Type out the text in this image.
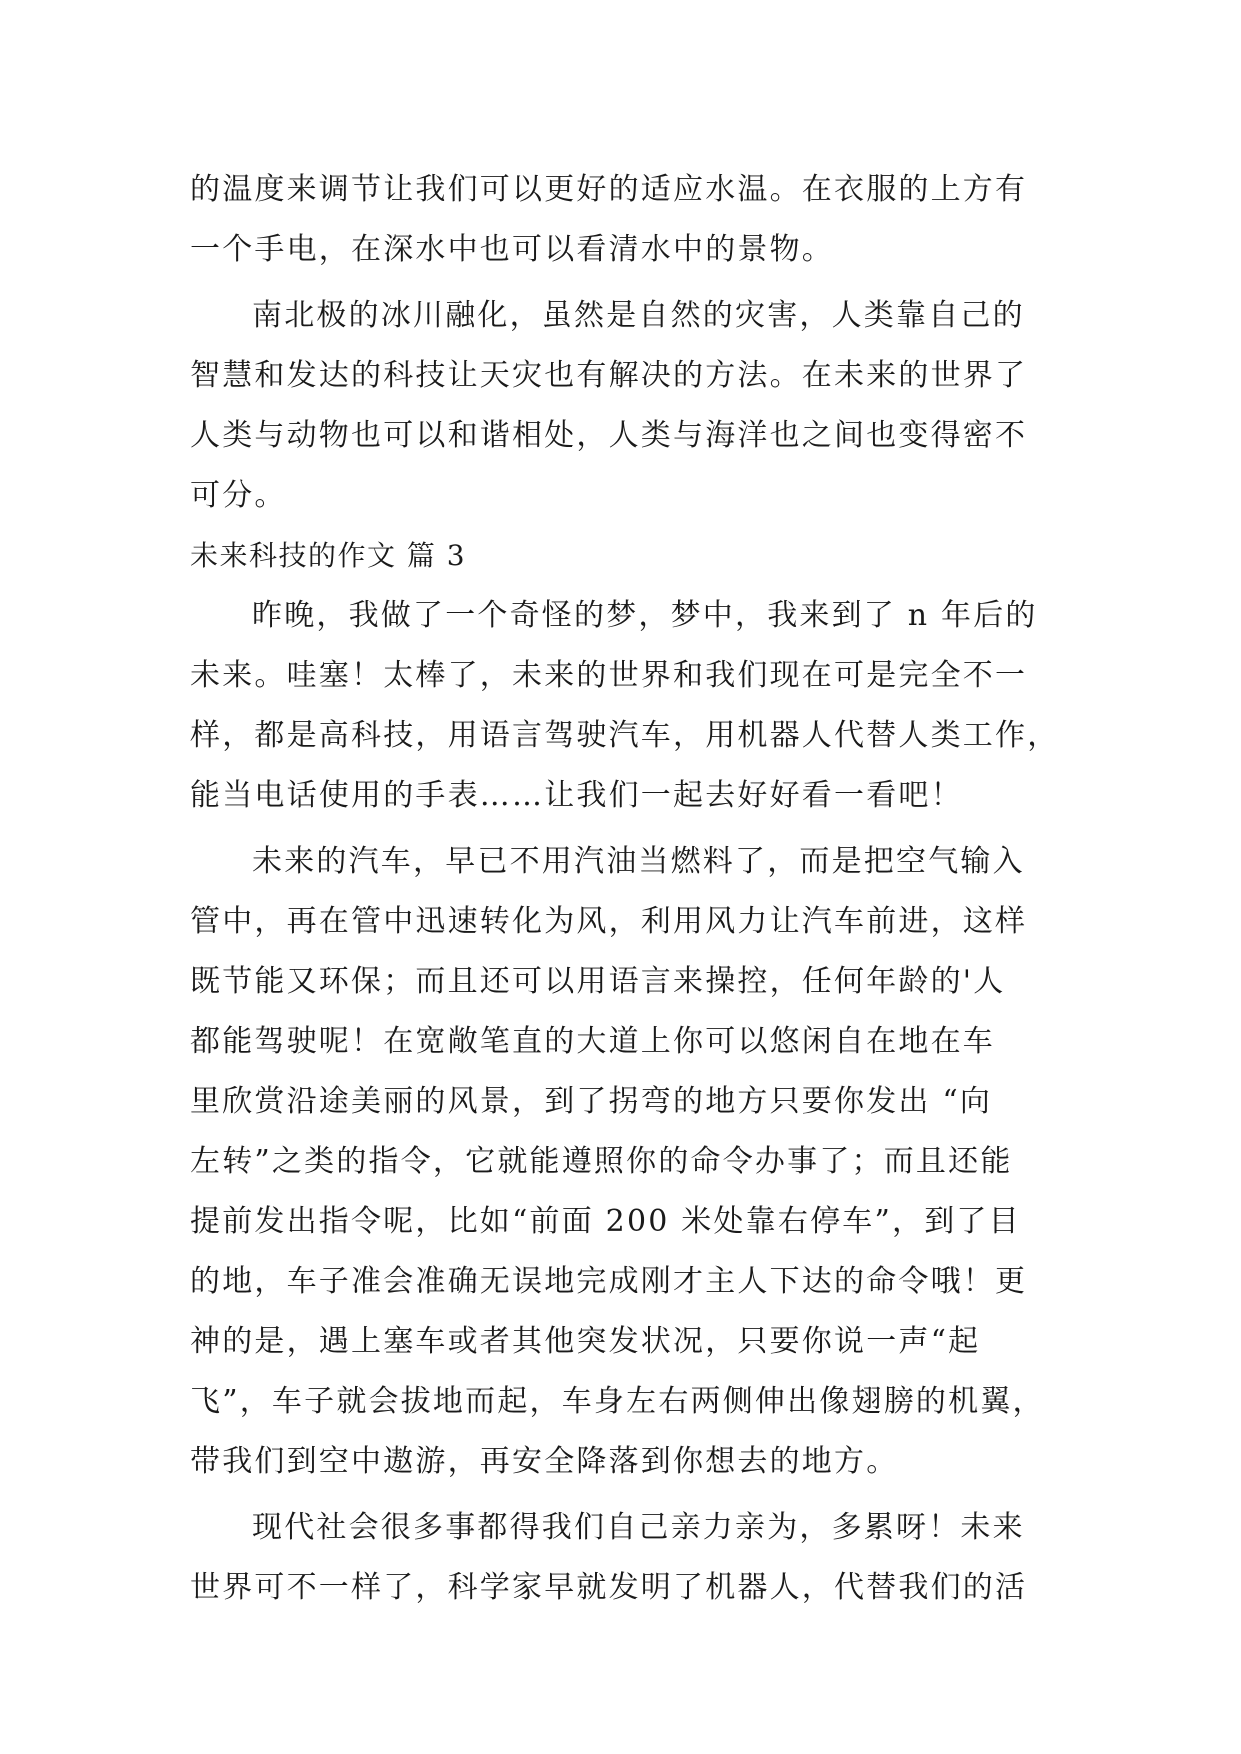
的温度来调节让我们可以更好的适应水温。在衣服的上方有
一个手电，在深水中也可以看清水中的景物。
南北极的冰川融化，虽然是自然的灾害，人类靠自己的
智慧和发达的科技让天灾也有解决的方法。在未来的世界了
人类与动物也可以和谐相处，人类与海洋也之间也变得密不
可分。
未来科技的作文 篇 3
昨晚，我做了一个奇怪的梦，梦中，我来到了 n 年后的
未来。哇塞！太棒了，未来的世界和我们现在可是完全不一
样，都是高科技，用语言驾驶汽车，用机器人代替人类工作，
能当电话使用的手表……让我们一起去好好看一看吧！
未来的汽车，早已不用汽油当燃料了，而是把空气输入
管中，再在管中迅速转化为风，利用风力让汽车前进，这样
既节能又环保；而且还可以用语言来操控，任何年龄的'人
都能驾驶呢！在宽敞笔直的大道上你可以悠闲自在地在车
里欣赏沿途美丽的风景，到了拐弯的地方只要你发出 “向
左转”之类的指令，它就能遵照你的命令办事了；而且还能
提前发出指令呢，比如“前面 200 米处靠右停车”，到了目
的地，车子准会准确无误地完成刚才主人下达的命令哦！更
神的是，遇上塞车或者其他突发状况，只要你说一声“起
飞”，车子就会拔地而起，车身左右两侧伸出像翅膀的机翼，
带我们到空中遨游，再安全降落到你想去的地方。
现代社会很多事都得我们自己亲力亲为，多累呀！未来
世界可不一样了，科学家早就发明了机器人，代替我们的活
